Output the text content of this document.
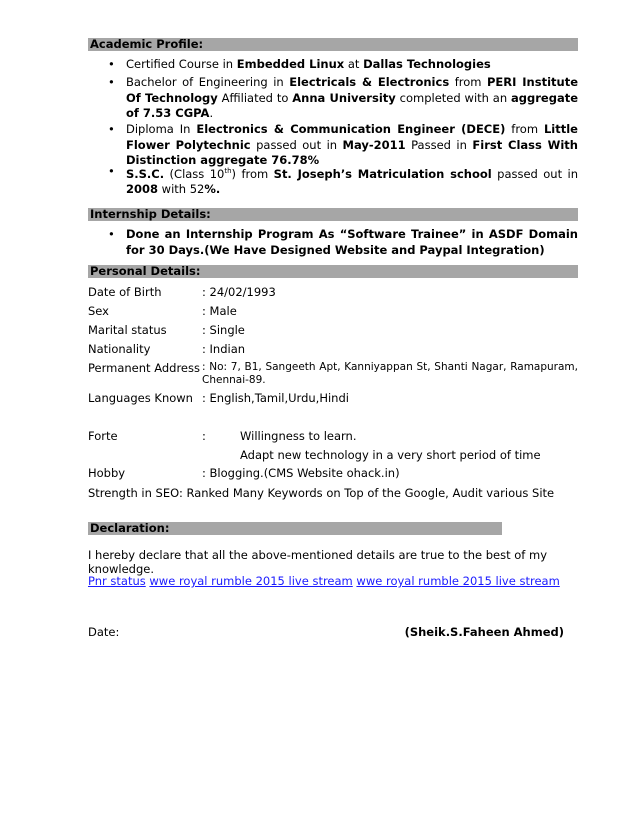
Academic Profile:
• Certified Course in Embedded Linux at Dallas Technologies
• Bachelor of Engineering in Electricals & Electronics from PERI Institute Of Technology Affiliated to Anna University completed with an aggregate of 7.53 CGPA.
• Diploma In Electronics & Communication Engineer (DECE) from Little Flower Polytechnic passed out in May-2011 Passed in First Class With Distinction aggregate 76.78%
• S.S.C. (Class 10th) from St. Joseph’s Matriculation school passed out in 2008 with 52%.
Internship Details:
• Done an Internship Program As “Software Trainee” in ASDF Domain for 30 Days.(We Have Designed Website and Paypal Integration)
Personal Details:
Date of Birth	: 24/02/1993
Sex	: Male
Marital status	: Single
Nationality	: Indian
Permanent Address : No: 7, B1, Sangeeth Apt, Kanniyappan St, Shanti Nagar, Ramapuram, Chennai-89.
Languages Known : English,Tamil,Urdu,Hindi
Forte	:	Willingness to learn.
Adapt new technology in a very short period of time
Hobby	: Blogging.(CMS Website ohack.in)
Strength in SEO: Ranked Many Keywords on Top of the Google, Audit various Site
Declaration:
I hereby declare that all the above-mentioned details are true to the best of my knowledge.
Pnr status wwe royal rumble 2015 live stream wwe royal rumble 2015 live stream
Date:	(Sheik.S.Faheen Ahmed)
